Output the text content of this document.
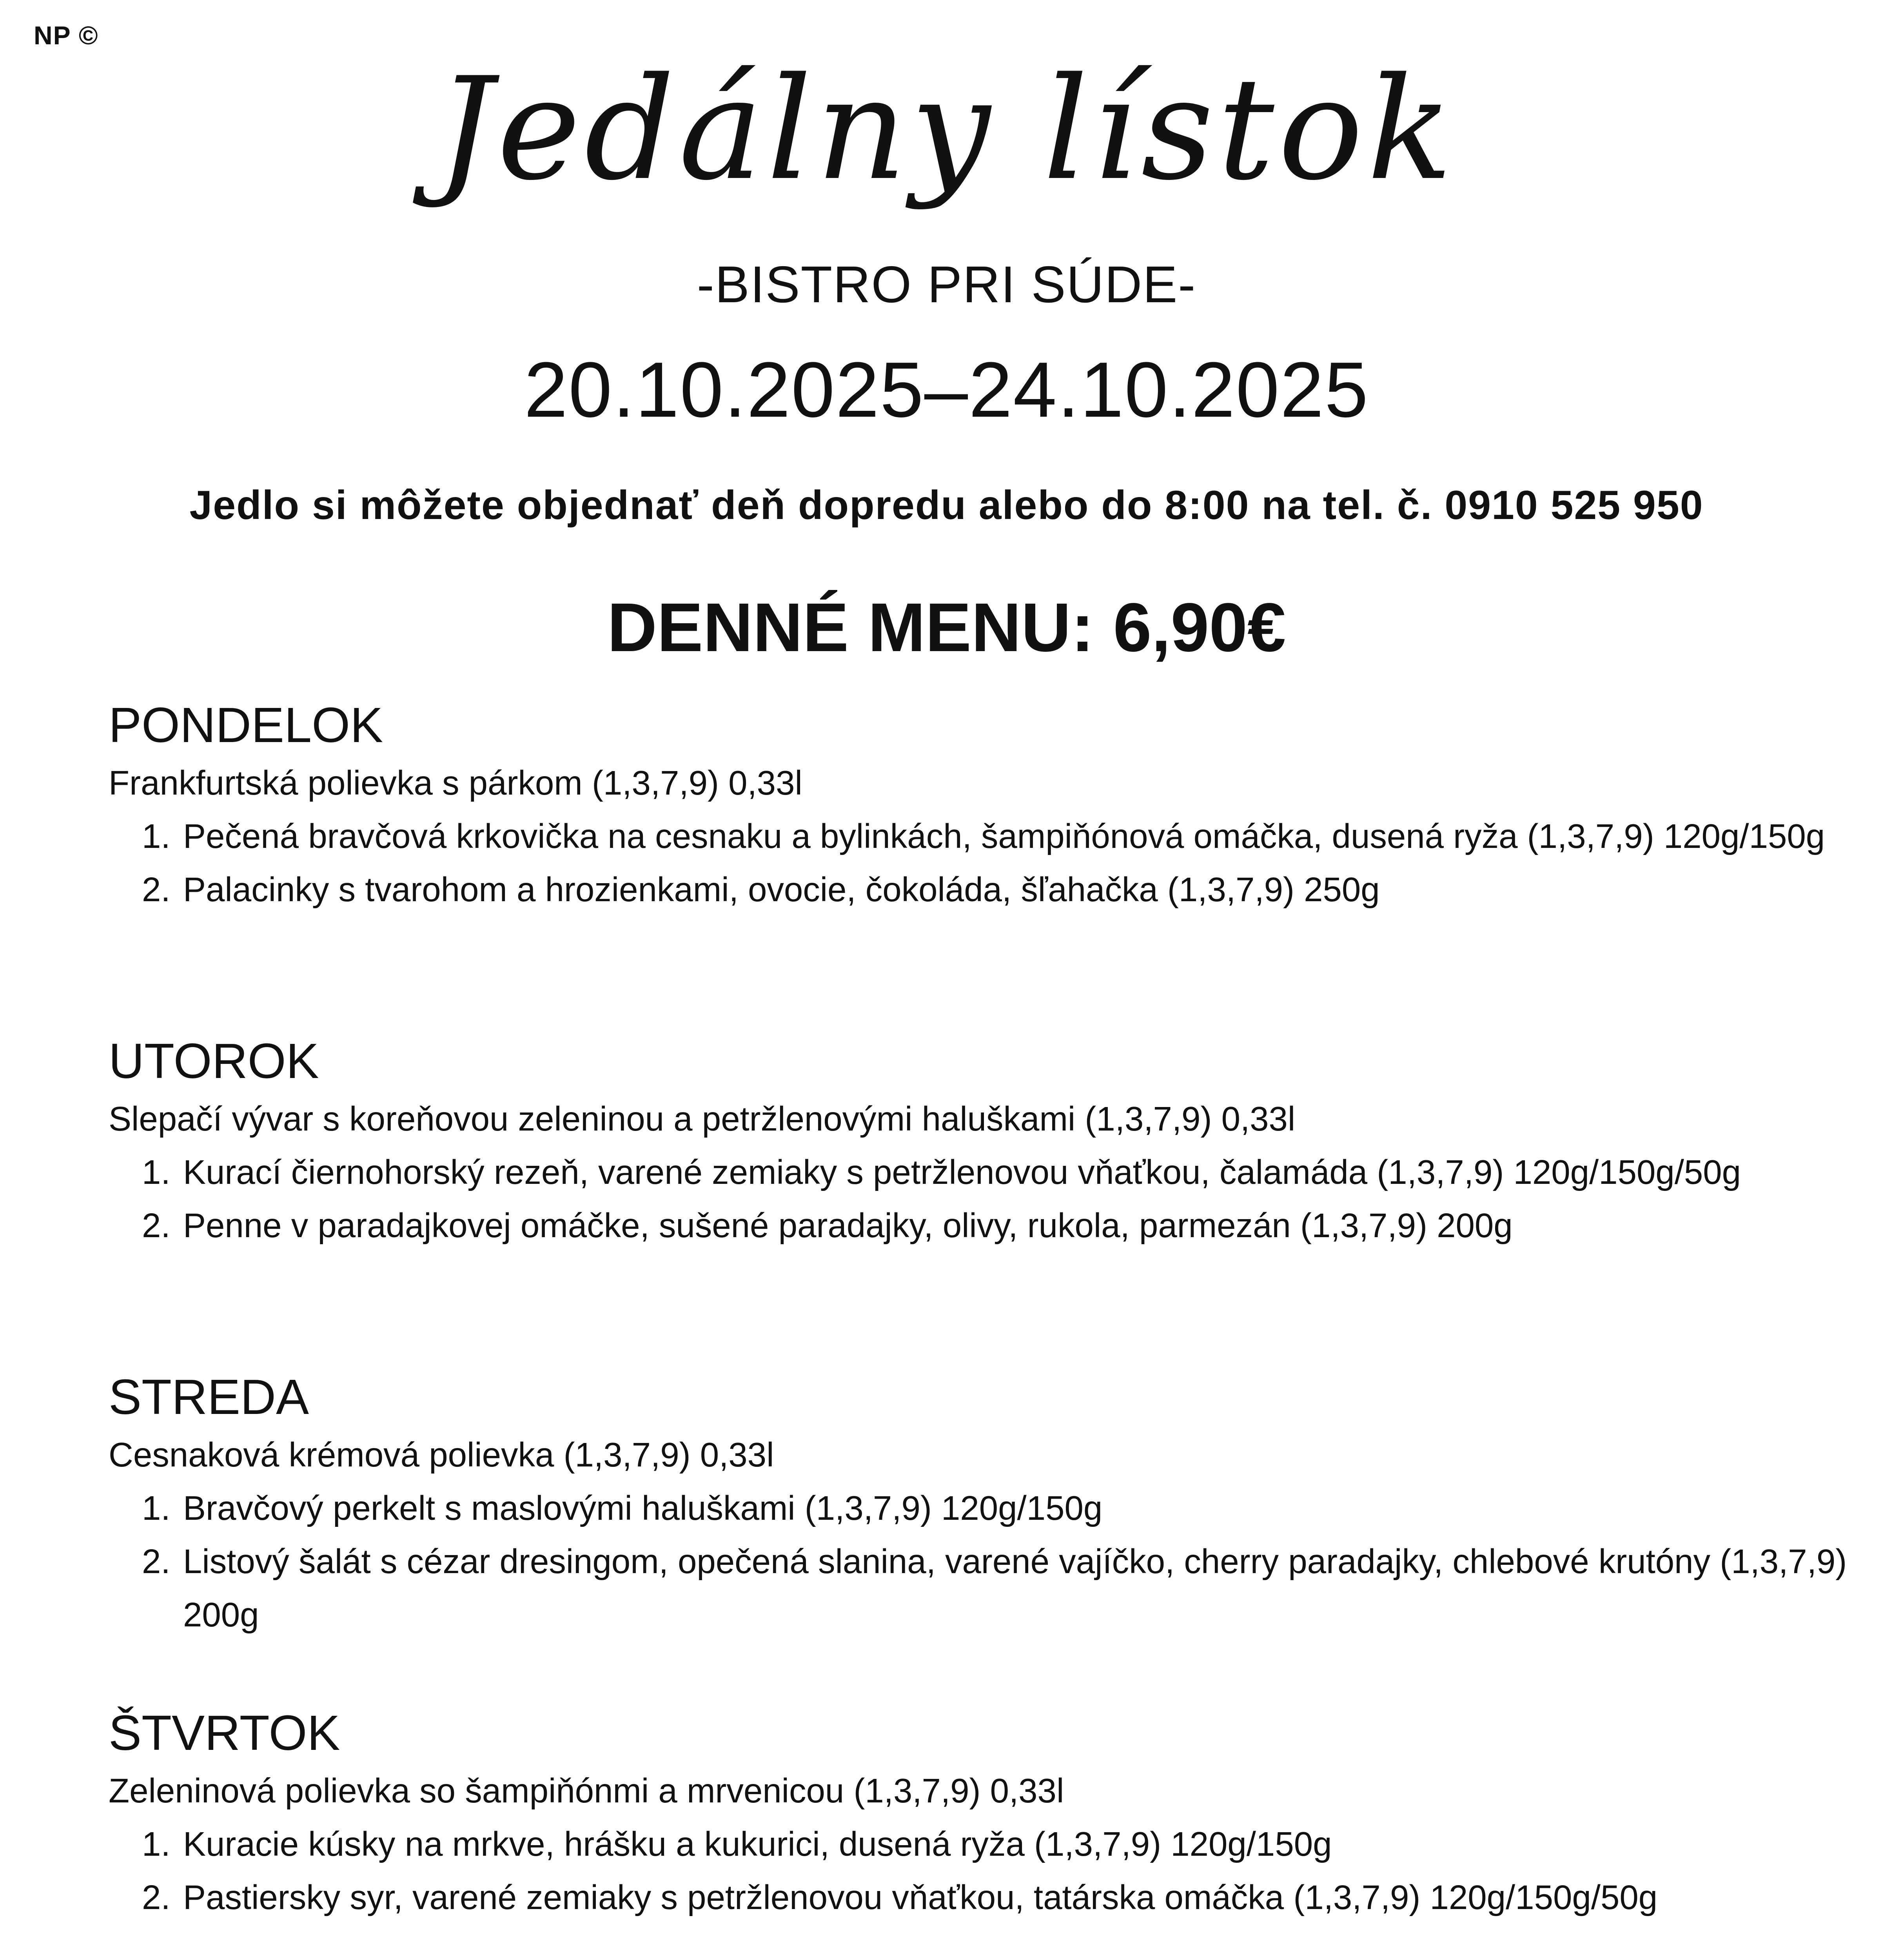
NP ©
Jedálny lístok
-BISTRO PRI SÚDE-
20.10.2025–24.10.2025
Jedlo si môžete objednať deň dopredu alebo do 8:00 na tel. č. 0910 525 950
DENNÉ MENU: 6,90€

PONDELOK

Frankfurtská polievka s párkom (1,3,7,9) 0,33l

1. Pečená bravčová krkovička na cesnaku a bylinkách, šampiňónová omáčka, dusená ryža (1,3,7,9) 120g/150g

2. Palacinky s tvarohom a hrozienkami, ovocie, čokoláda, šľahačka (1,3,7,9) 250g

UTOROK

Slepačí vývar s koreňovou zeleninou a petržlenovými haluškami (1,3,7,9) 0,33l

1. Kurací čiernohorský rezeň, varené zemiaky s petržlenovou vňaťkou, čalamáda (1,3,7,9) 120g/150g/50g

2. Penne v paradajkovej omáčke, sušené paradajky, olivy, rukola, parmezán (1,3,7,9) 200g

STREDA

Cesnaková krémová polievka (1,3,7,9) 0,33l

1. Bravčový perkelt s maslovými haluškami (1,3,7,9) 120g/150g

2. Listový šalát s cézar dresingom, opečená slanina, varené vajíčko, cherry paradajky, chlebové krutóny (1,3,7,9) 200g

ŠTVRTOK

Zeleninová polievka so šampiňónmi a mrvenicou (1,3,7,9) 0,33l

1. Kuracie kúsky na mrkve, hrášku a kukurici, dusená ryža (1,3,7,9) 120g/150g

2. Pastiersky syr, varené zemiaky s petržlenovou vňaťkou, tatárska omáčka (1,3,7,9) 120g/150g/50g
